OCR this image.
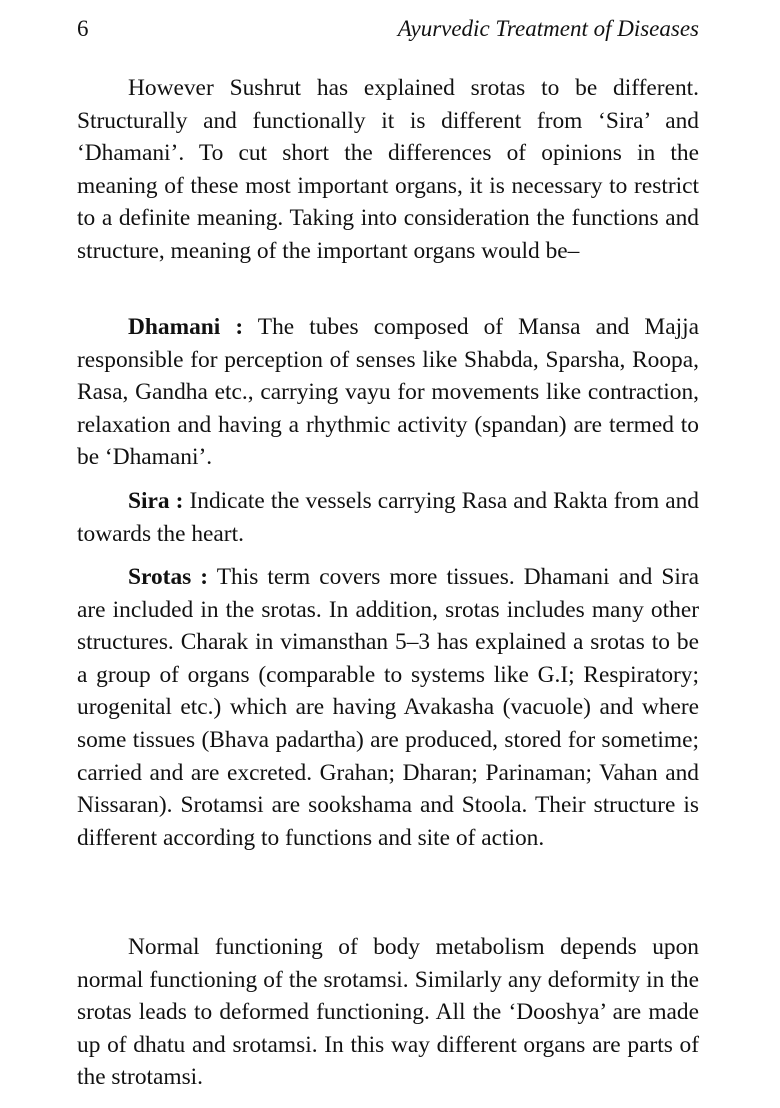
6	Ayurvedic Treatment of Diseases

However Sushrut has explained srotas to be different. Structurally and functionally it is different from ‘Sira’ and ‘Dhamani’. To cut short the differences of opinions in the meaning of these most important organs, it is necessary to restrict to a definite meaning. Taking into consideration the functions and structure, meaning of the important organs would be–

Dhamani : The tubes composed of Mansa and Majja responsible for perception of senses like Shabda, Sparsha, Roopa, Rasa, Gandha etc., carrying vayu for movements like contraction, relaxation and having a rhythmic activity (spandan) are termed to be ‘Dhamani’.

Sira : Indicate the vessels carrying Rasa and Rakta from and towards the heart.

Srotas : This term covers more tissues. Dhamani and Sira are included in the srotas. In addition, srotas includes many other structures. Charak in vimansthan 5–3 has explained a srotas to be a group of organs (comparable to systems like G.I; Respiratory; urogenital etc.) which are having Avakasha (vacuole) and where some tissues (Bhava padartha) are produced, stored for sometime; carried and are excreted. Grahan; Dharan; Parinaman; Vahan and Nissaran). Srotamsi are sookshama and Stoola. Their structure is different according to functions and site of action.

Normal functioning of body metabolism depends upon normal functioning of the srotamsi. Similarly any deformity in the srotas leads to deformed functioning. All the ‘Dooshya’ are made up of dhatu and srotamsi. In this way different organs are parts of the strotamsi.
